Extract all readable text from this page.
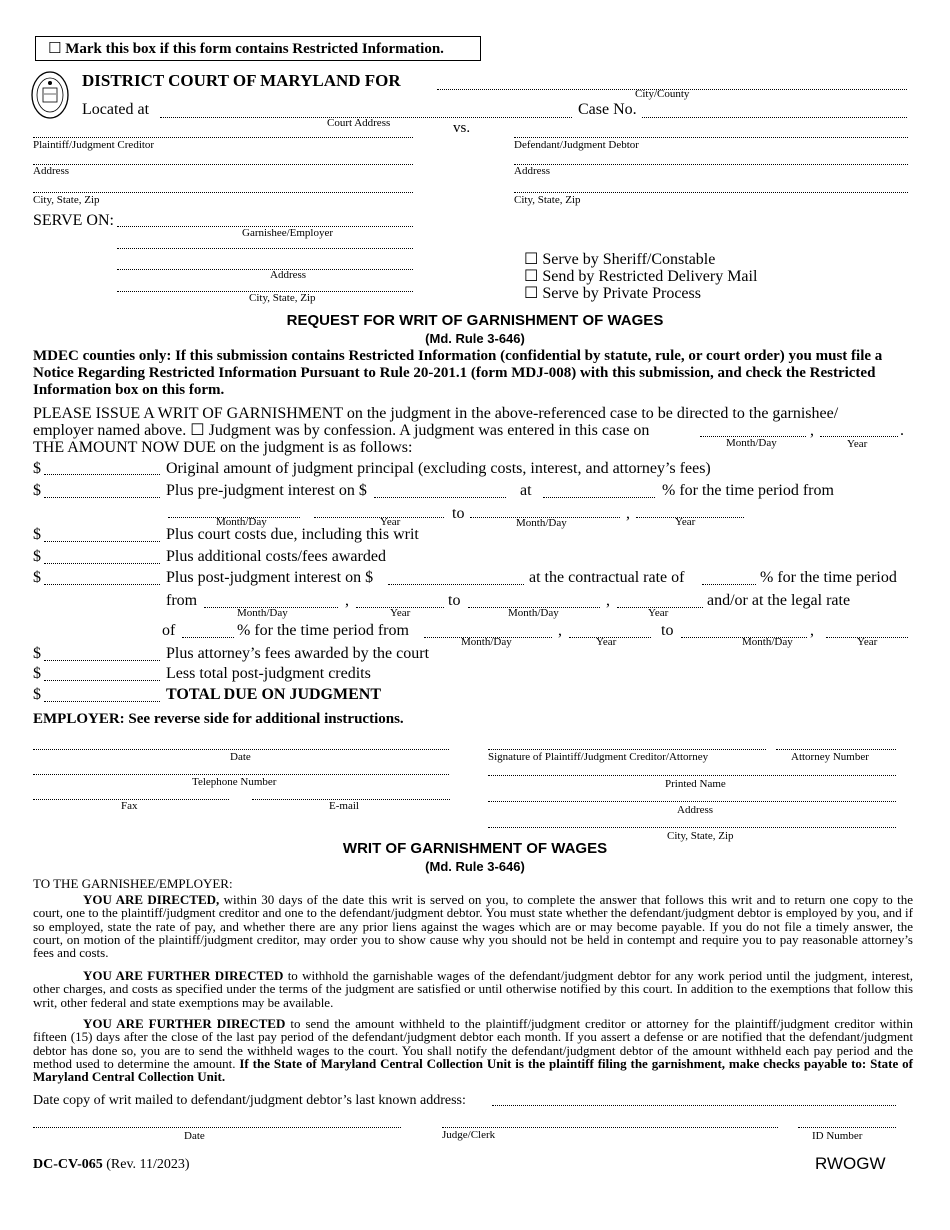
☐ Mark this box if this form contains Restricted Information.
DISTRICT COURT OF MARYLAND FOR
City/County
Located at
Court Address
Case No.
vs.
Plaintiff/Judgment Creditor
Address
City, State, Zip
Defendant/Judgment Debtor
Address
City, State, Zip
SERVE ON:
Garnishee/Employer
Address
City, State, Zip
☐ Serve by Sheriff/Constable
☐ Send by Restricted Delivery Mail
☐ Serve by Private Process
REQUEST FOR WRIT OF GARNISHMENT OF WAGES
(Md. Rule 3-646)
MDEC counties only: If this submission contains Restricted Information (confidential by statute, rule, or court order) you must file a Notice Regarding Restricted Information Pursuant to Rule 20-201.1 (form MDJ-008) with this submission, and check the Restricted Information box on this form.
PLEASE ISSUE A WRIT OF GARNISHMENT on the judgment in the above-referenced case to be directed to the garnishee/
employer named above. ☐ Judgment was by confession. A judgment was entered in this case on
Month/Day
,
Year
.
THE AMOUNT NOW DUE on the judgment is as follows:
$	Original amount of judgment principal (excluding costs, interest, and attorney’s fees)
$	Plus pre-judgment interest on $	at	% for the time period from
Month/Day	Year	to
Month/Day
,	Year
$	Plus court costs due, including this writ
$	Plus additional costs/fees awarded
$	Plus post-judgment interest on $	at the contractual rate of	% for the time period
from
Month/Day
,
Year
to
Month/Day
,
Year
and/or at the legal rate
of	% for the time period from
Month/Day
,
Year
to
Month/Day
,
Year
$	Plus attorney’s fees awarded by the court
$	Less total post-judgment credits
$	TOTAL DUE ON JUDGMENT
EMPLOYER: See reverse side for additional instructions.
Date
Telephone Number
Fax	E-mail
Signature of Plaintiff/Judgment Creditor/Attorney	Attorney Number
Printed Name
Address
City, State, Zip
WRIT OF GARNISHMENT OF WAGES
(Md. Rule 3-646)
TO THE GARNISHEE/EMPLOYER:
YOU ARE DIRECTED, within 30 days of the date this writ is served on you, to complete the answer that follows this writ and to return one copy to the court, one to the plaintiff/judgment creditor and one to the defendant/judgment debtor. You must state whether the defendant/judgment debtor is employed by you, and if so employed, state the rate of pay, and whether there are any prior liens against the wages which are or may become payable. If you do not file a timely answer, the court, on motion of the plaintiff/judgment creditor, may order you to show cause why you should not be held in contempt and require you to pay reasonable attorney’s fees and costs.
YOU ARE FURTHER DIRECTED to withhold the garnishable wages of the defendant/judgment debtor for any work period until the judgment, interest, other charges, and costs as specified under the terms of the judgment are satisfied or until otherwise notified by this court. In addition to the exemptions that follow this writ, other federal and state exemptions may be available.
YOU ARE FURTHER DIRECTED to send the amount withheld to the plaintiff/judgment creditor or attorney for the plaintiff/judgment creditor within fifteen (15) days after the close of the last pay period of the defendant/judgment debtor each month. If you assert a defense or are notified that the defendant/judgment debtor has done so, you are to send the withheld wages to the court. You shall notify the defendant/judgment debtor of the amount withheld each pay period and the method used to determine the amount. If the State of Maryland Central Collection Unit is the plaintiff filing the garnishment, make checks payable to: State of Maryland Central Collection Unit.
Date copy of writ mailed to defendant/judgment debtor’s last known address:
Date	Judge/Clerk	ID Number
DC-CV-065 (Rev. 11/2023)	RWOGW
